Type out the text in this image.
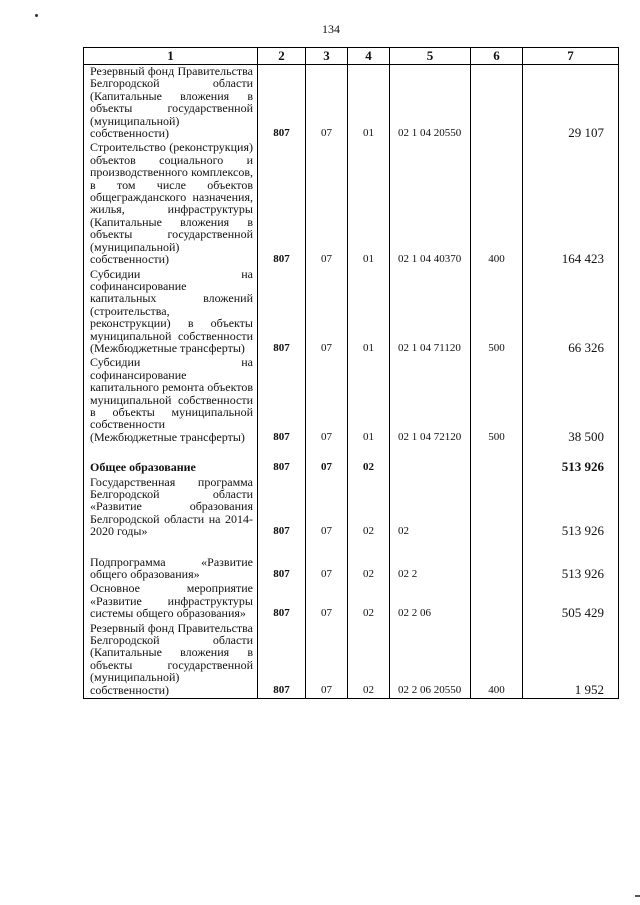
134
1	2	3	4	5	6	7
Резервный фонд Правительства Белгородской области (Капитальные вложения в объекты государственной (муниципальной) собственности)	807	07	01	02 1 04 20550		29 107
Строительство (реконструкция) объектов социального и производственного комплексов, в том числе объектов общегражданского назначения, жилья, инфраструктуры (Капитальные вложения в объекты государственной (муниципальной) собственности)	807	07	01	02 1 04 40370	400	164 423
Субсидии на софинансирование капитальных вложений (строительства, реконструкции) в объекты муниципальной собственности (Межбюджетные трансферты)	807	07	01	02 1 04 71120	500	66 326
Субсидии на софинансирование капитального ремонта объектов муниципальной собственности в объекты муниципальной собственности (Межбюджетные трансферты)	807	07	01	02 1 04 72120	500	38 500
Общее образование	807	07	02			513 926
Государственная программа Белгородской области «Развитие образования Белгородской области на 2014-2020 годы»	807	07	02	02		513 926
Подпрограмма «Развитие общего образования»	807	07	02	02 2		513 926
Основное мероприятие «Развитие инфраструктуры системы общего образования»	807	07	02	02 2 06		505 429
Резервный фонд Правительства Белгородской области (Капитальные вложения в объекты государственной (муниципальной) собственности)	807	07	02	02 2 06 20550	400	1 952
